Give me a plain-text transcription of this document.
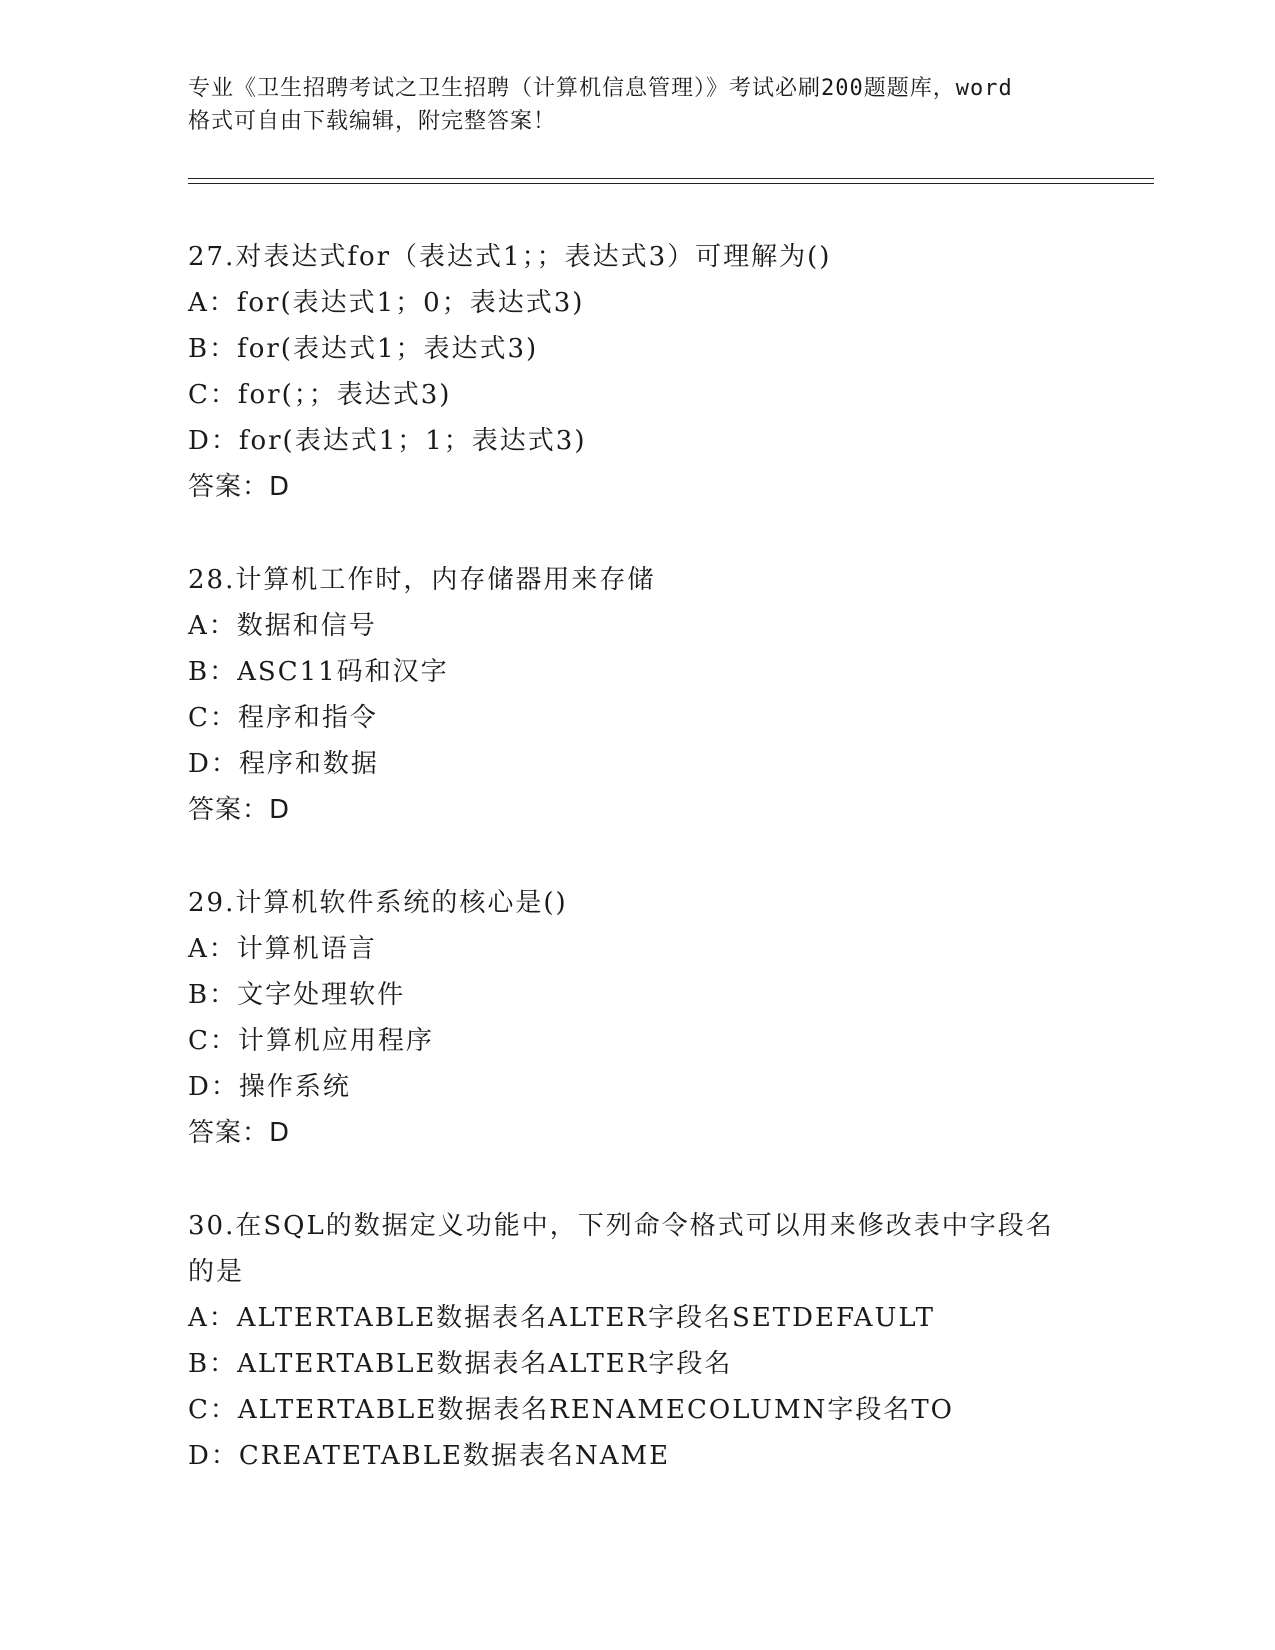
专业《卫生招聘考试之卫生招聘（计算机信息管理）》考试必刷200题题库，word
格式可自由下载编辑，附完整答案！

27.对表达式for（表达式1；；表达式3）可理解为()

A：for(表达式1；0；表达式3)

B：for(表达式1；表达式3)

C：for(；；表达式3)

D：for(表达式1；1；表达式3)

答案：D

28.计算机工作时，内存储器用来存储

A：数据和信号

B：ASC11码和汉字

C：程序和指令

D：程序和数据

答案：D

29.计算机软件系统的核心是()

A：计算机语言

B：文字处理软件

C：计算机应用程序

D：操作系统

答案：D

30.在SQL的数据定义功能中，下列命令格式可以用来修改表中字段名

的是

A：ALTERTABLE数据表名ALTER字段名SETDEFAULT

B：ALTERTABLE数据表名ALTER字段名

C：ALTERTABLE数据表名RENAMECOLUMN字段名TO

D：CREATETABLE数据表名NAME
